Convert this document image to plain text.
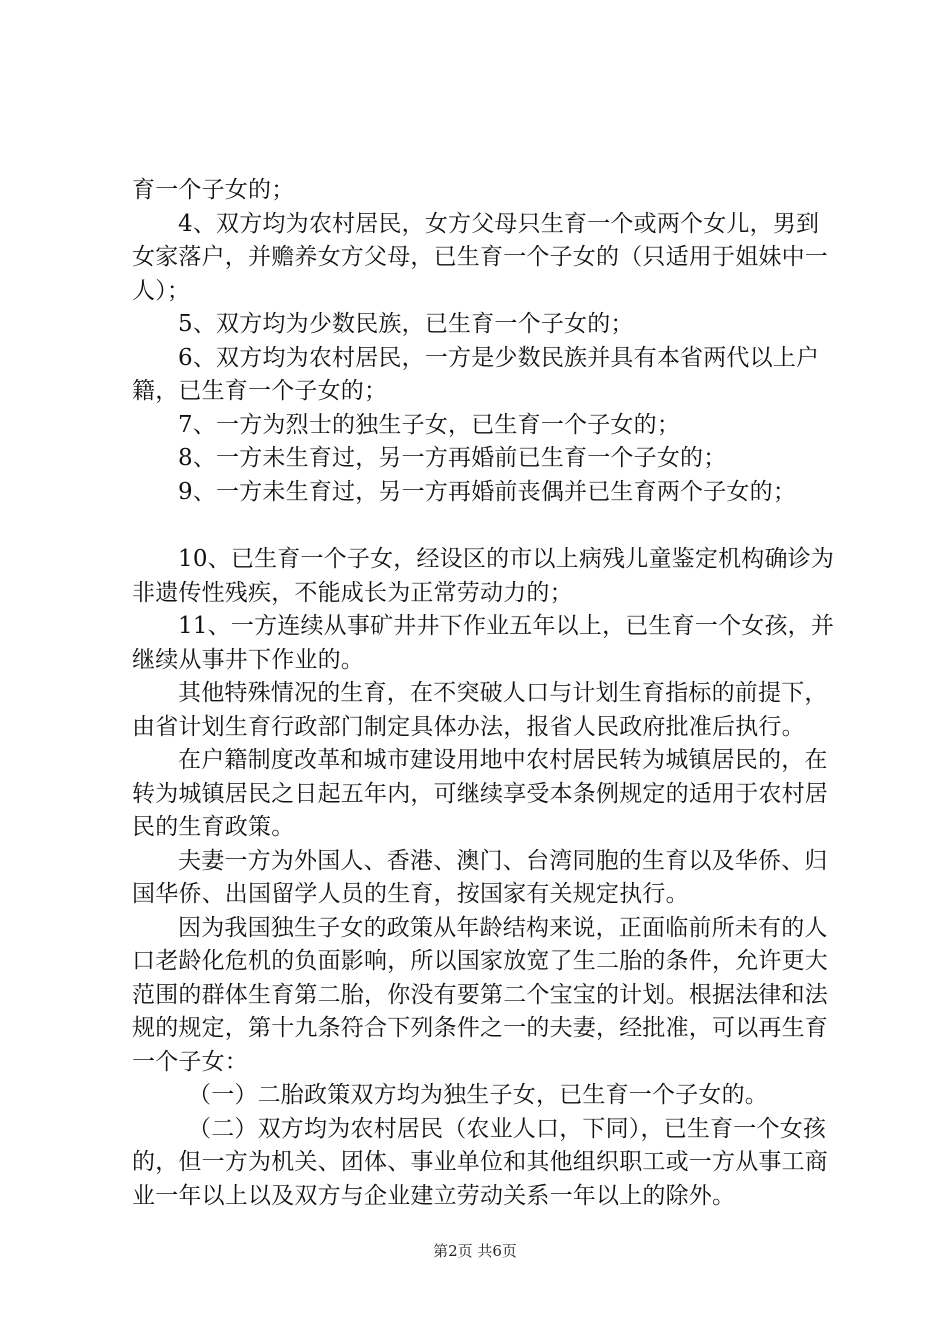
育一个子女的；

4、双方均为农村居民，女方父母只生育一个或两个女儿，男到女家落户，并赡养女方父母，已生育一个子女的（只适用于姐妹中一人）；

5、双方均为少数民族，已生育一个子女的；

6、双方均为农村居民，一方是少数民族并具有本省两代以上户籍，已生育一个子女的；

7、一方为烈士的独生子女，已生育一个子女的；

8、一方未生育过，另一方再婚前已生育一个子女的；

9、一方未生育过，另一方再婚前丧偶并已生育两个子女的；

10、已生育一个子女，经设区的市以上病残儿童鉴定机构确诊为非遗传性残疾，不能成长为正常劳动力的；

11、一方连续从事矿井井下作业五年以上，已生育一个女孩，并继续从事井下作业的。

其他特殊情况的生育，在不突破人口与计划生育指标的前提下，由省计划生育行政部门制定具体办法，报省人民政府批准后执行。

在户籍制度改革和城市建设用地中农村居民转为城镇居民的，在转为城镇居民之日起五年内，可继续享受本条例规定的适用于农村居民的生育政策。

夫妻一方为外国人、香港、澳门、台湾同胞的生育以及华侨、归国华侨、出国留学人员的生育，按国家有关规定执行。

因为我国独生子女的政策从年龄结构来说，正面临前所未有的人口老龄化危机的负面影响，所以国家放宽了生二胎的条件，允许更大范围的群体生育第二胎，你没有要第二个宝宝的计划。根据法律和法规的规定，第十九条符合下列条件之一的夫妻，经批准，可以再生育一个子女：

（一）二胎政策双方均为独生子女，已生育一个子女的。

（二）双方均为农村居民（农业人口，下同），已生育一个女孩的，但一方为机关、团体、事业单位和其他组织职工或一方从事工商业一年以上以及双方与企业建立劳动关系一年以上的除外。

第2页 共6页
